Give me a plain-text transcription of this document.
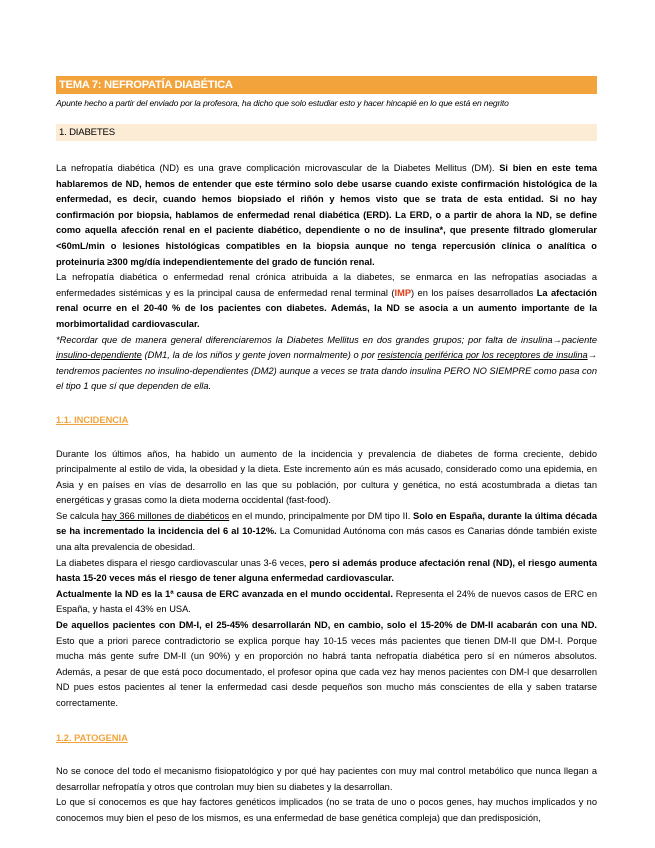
TEMA 7: NEFROPATÍA DIABÉTICA
Apunte hecho a partir del enviado por la profesora, ha dicho que solo estudiar esto y hacer hincapié en lo que está en negrito
1. DIABETES

La nefropatía diabética (ND) es una grave complicación microvascular de la Diabetes Mellitus (DM). Si bien en este tema hablaremos de ND, hemos de entender que este término solo debe usarse cuando existe confirmación histológica de la enfermedad, es decir, cuando hemos biopsiado el riñón y hemos visto que se trata de esta entidad. Si no hay confirmación por biopsia, hablamos de enfermedad renal diabética (ERD). La ERD, o a partir de ahora la ND, se define como aquella afección renal en el paciente diabético, dependiente o no de insulina*, que presente filtrado glomerular <60mL/min o lesiones histológicas compatibles en la biopsia aunque no tenga repercusión clínica o analítica o proteinuria ≥300 mg/día independientemente del grado de función renal.

La nefropatía diabética o enfermedad renal crónica atribuida a la diabetes, se enmarca en las nefropatías asociadas a enfermedades sistémicas y es la principal causa de enfermedad renal terminal (IMP) en los países desarrollados La afectación renal ocurre en el 20-40 % de los pacientes con diabetes. Además, la ND se asocia a un aumento importante de la morbimortalidad cardiovascular.

*Recordar que de manera general diferenciaremos la Diabetes Mellitus en dos grandes grupos; por falta de insulina→paciente insulino-dependiente (DM1, la de los niños y gente joven normalmente) o por resistencia periférica por los receptores de insulina→ tendremos pacientes no insulino-dependientes (DM2) aunque a veces se trata dando insulina PERO NO SIEMPRE como pasa con el tipo 1 que sí que dependen de ella.

1.1. INCIDENCIA

Durante los últimos años, ha habido un aumento de la incidencia y prevalencia de diabetes de forma creciente, debido principalmente al estilo de vida, la obesidad y la dieta. Este incremento aún es más acusado, considerado como una epidemia, en Asia y en países en vías de desarrollo en las que su población, por cultura y genética, no está acostumbrada a dietas tan energéticas y grasas como la dieta moderna occidental (fast-food).

Se calcula hay 366 millones de diabéticos en el mundo, principalmente por DM tipo II. Solo en España, durante la última década se ha incrementado la incidencia del 6 al 10-12%. La Comunidad Autónoma con más casos es Canarias dónde también existe una alta prevalencia de obesidad.

La diabetes dispara el riesgo cardiovascular unas 3-6 veces, pero si además produce afectación renal (ND), el riesgo aumenta hasta 15-20 veces más el riesgo de tener alguna enfermedad cardiovascular.

Actualmente la ND es la 1ª causa de ERC avanzada en el mundo occidental. Representa el 24% de nuevos casos de ERC en España, y hasta el 43% en USA.

De aquellos pacientes con DM-I, el 25-45% desarrollarán ND, en cambio, solo el 15-20% de DM-II acabarán con una ND. Esto que a priori parece contradictorio se explica porque hay 10-15 veces más pacientes que tienen DM-II que DM-I. Porque mucha más gente sufre DM-II (un 90%) y en proporción no habrá tanta nefropatía diabética pero sí en números absolutos. Además, a pesar de que está poco documentado, el profesor opina que cada vez hay menos pacientes con DM-I que desarrollen ND pues estos pacientes al tener la enfermedad casi desde pequeños son mucho más conscientes de ella y saben tratarse correctamente.

1.2. PATOGENIA

No se conoce del todo el mecanismo fisiopatológico y por qué hay pacientes con muy mal control metabólico que nunca llegan a desarrollar nefropatía y otros que controlan muy bien su diabetes y la desarrollan.

Lo que sí conocemos es que hay factores genéticos implicados (no se trata de uno o pocos genes, hay muchos implicados y no conocemos muy bien el peso de los mismos, es una enfermedad de base genética compleja) que dan predisposición,
